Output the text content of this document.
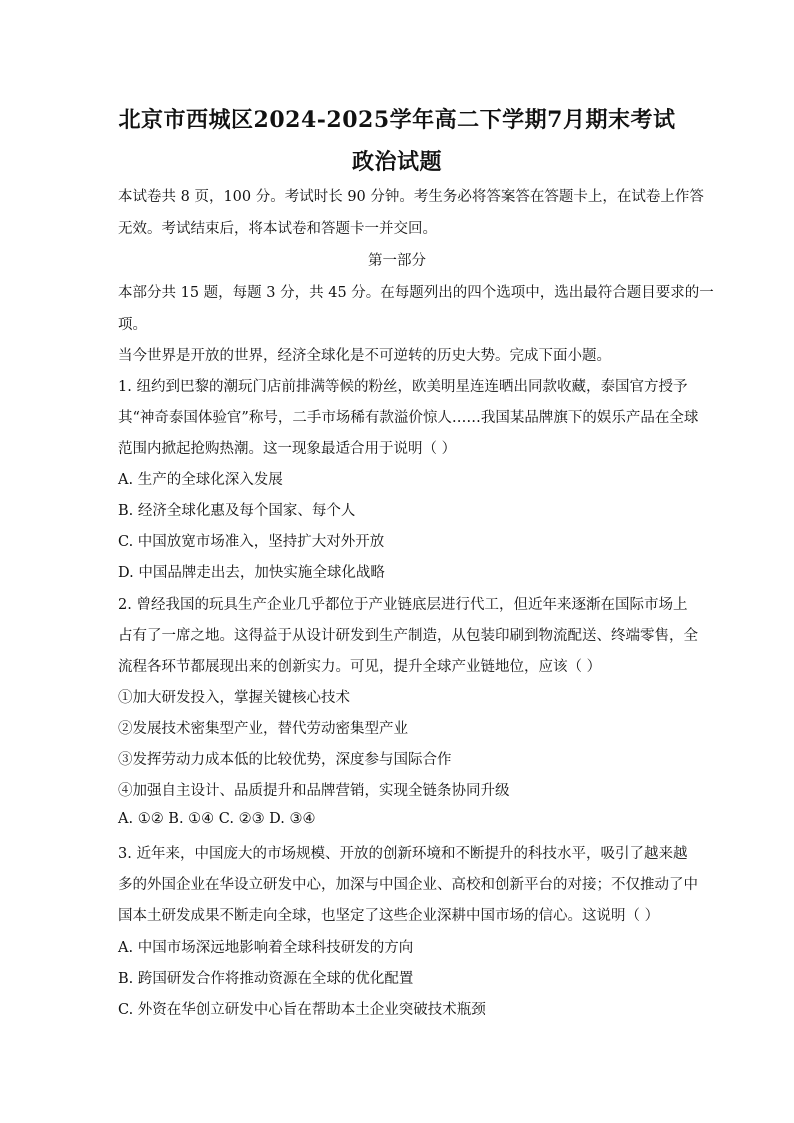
北京市西城区2024-2025学年高二下学期7月期末考试
政治试题
本试卷共 8 页，100 分。考试时长 90 分钟。考生务必将答案答在答题卡上，在试卷上作答
无效。考试结束后，将本试卷和答题卡一并交回。
第一部分
本部分共 15 题，每题 3 分，共 45 分。在每题列出的四个选项中，选出最符合题目要求的一
项。
当今世界是开放的世界，经济全球化是不可逆转的历史大势。完成下面小题。
1. 纽约到巴黎的潮玩门店前排满等候的粉丝，欧美明星连连晒出同款收藏，泰国官方授予
其“神奇泰国体验官”称号，二手市场稀有款溢价惊人……我国某品牌旗下的娱乐产品在全球
范围内掀起抢购热潮。这一现象最适合用于说明（ ）
A. 生产的全球化深入发展
B. 经济全球化惠及每个国家、每个人
C. 中国放宽市场准入，坚持扩大对外开放
D. 中国品牌走出去，加快实施全球化战略
2. 曾经我国的玩具生产企业几乎都位于产业链底层进行代工，但近年来逐渐在国际市场上
占有了一席之地。这得益于从设计研发到生产制造，从包装印刷到物流配送、终端零售，全
流程各环节都展现出来的创新实力。可见，提升全球产业链地位，应该（ ）
①加大研发投入，掌握关键核心技术
②发展技术密集型产业，替代劳动密集型产业
③发挥劳动力成本低的比较优势，深度参与国际合作
④加强自主设计、品质提升和品牌营销，实现全链条协同升级
A. ①② B. ①④ C. ②③ D. ③④
3. 近年来，中国庞大的市场规模、开放的创新环境和不断提升的科技水平，吸引了越来越
多的外国企业在华设立研发中心，加深与中国企业、高校和创新平台的对接；不仅推动了中
国本土研发成果不断走向全球，也坚定了这些企业深耕中国市场的信心。这说明（ ）
A. 中国市场深远地影响着全球科技研发的方向
B. 跨国研发合作将推动资源在全球的优化配置
C. 外资在华创立研发中心旨在帮助本土企业突破技术瓶颈
